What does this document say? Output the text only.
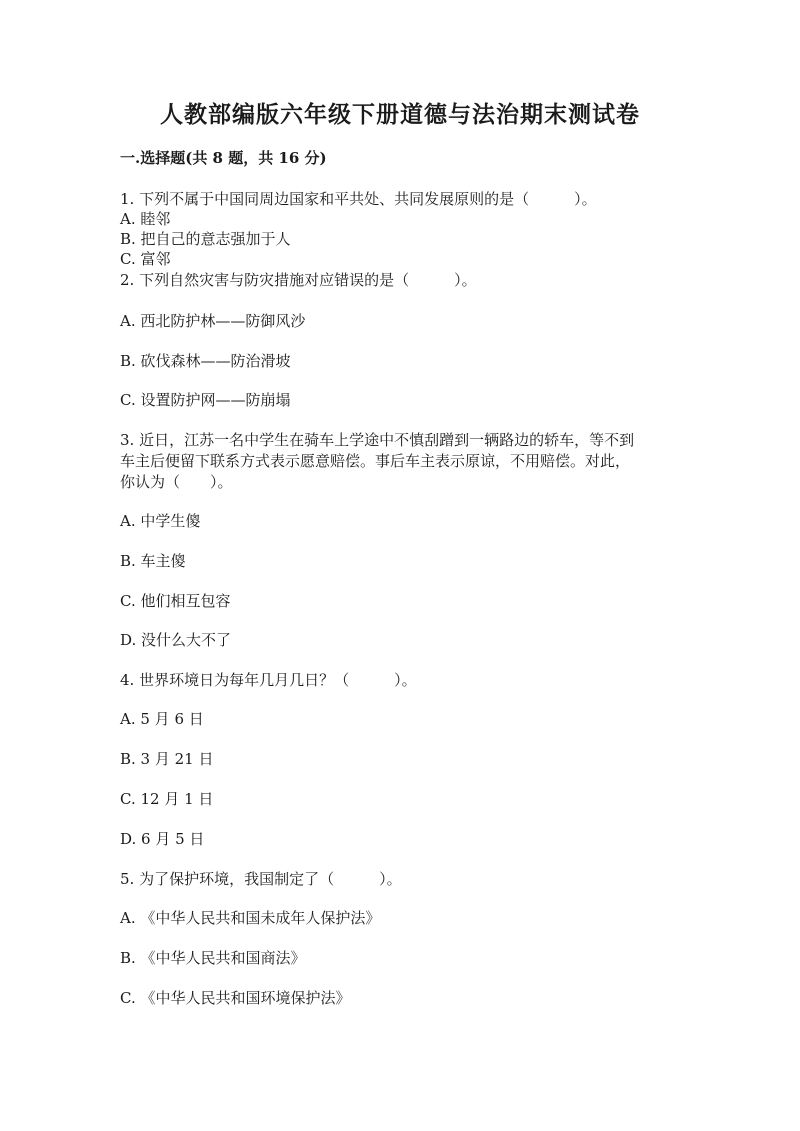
人教部编版六年级下册道德与法治期末测试卷
一.选择题(共 8 题，共 16 分)
1. 下列不属于中国同周边国家和平共处、共同发展原则的是（　　　）。
A. 睦邻
B. 把自己的意志强加于人
C. 富邻
2. 下列自然灾害与防灾措施对应错误的是（　　　）。
A. 西北防护林——防御风沙
B. 砍伐森林——防治滑坡
C. 设置防护网——防崩塌
3. 近日，江苏一名中学生在骑车上学途中不慎刮蹭到一辆路边的轿车，等不到
车主后便留下联系方式表示愿意赔偿。事后车主表示原谅，不用赔偿。对此，
你认为（　　）。
A. 中学生傻
B. 车主傻
C. 他们相互包容
D. 没什么大不了
4. 世界环境日为每年几月几日？（　　　）。
A. 5 月 6 日
B. 3 月 21 日
C. 12 月 1 日
D. 6 月 5 日
5. 为了保护环境，我国制定了（　　　）。
A. 《中华人民共和国未成年人保护法》
B. 《中华人民共和国商法》
C. 《中华人民共和国环境保护法》
